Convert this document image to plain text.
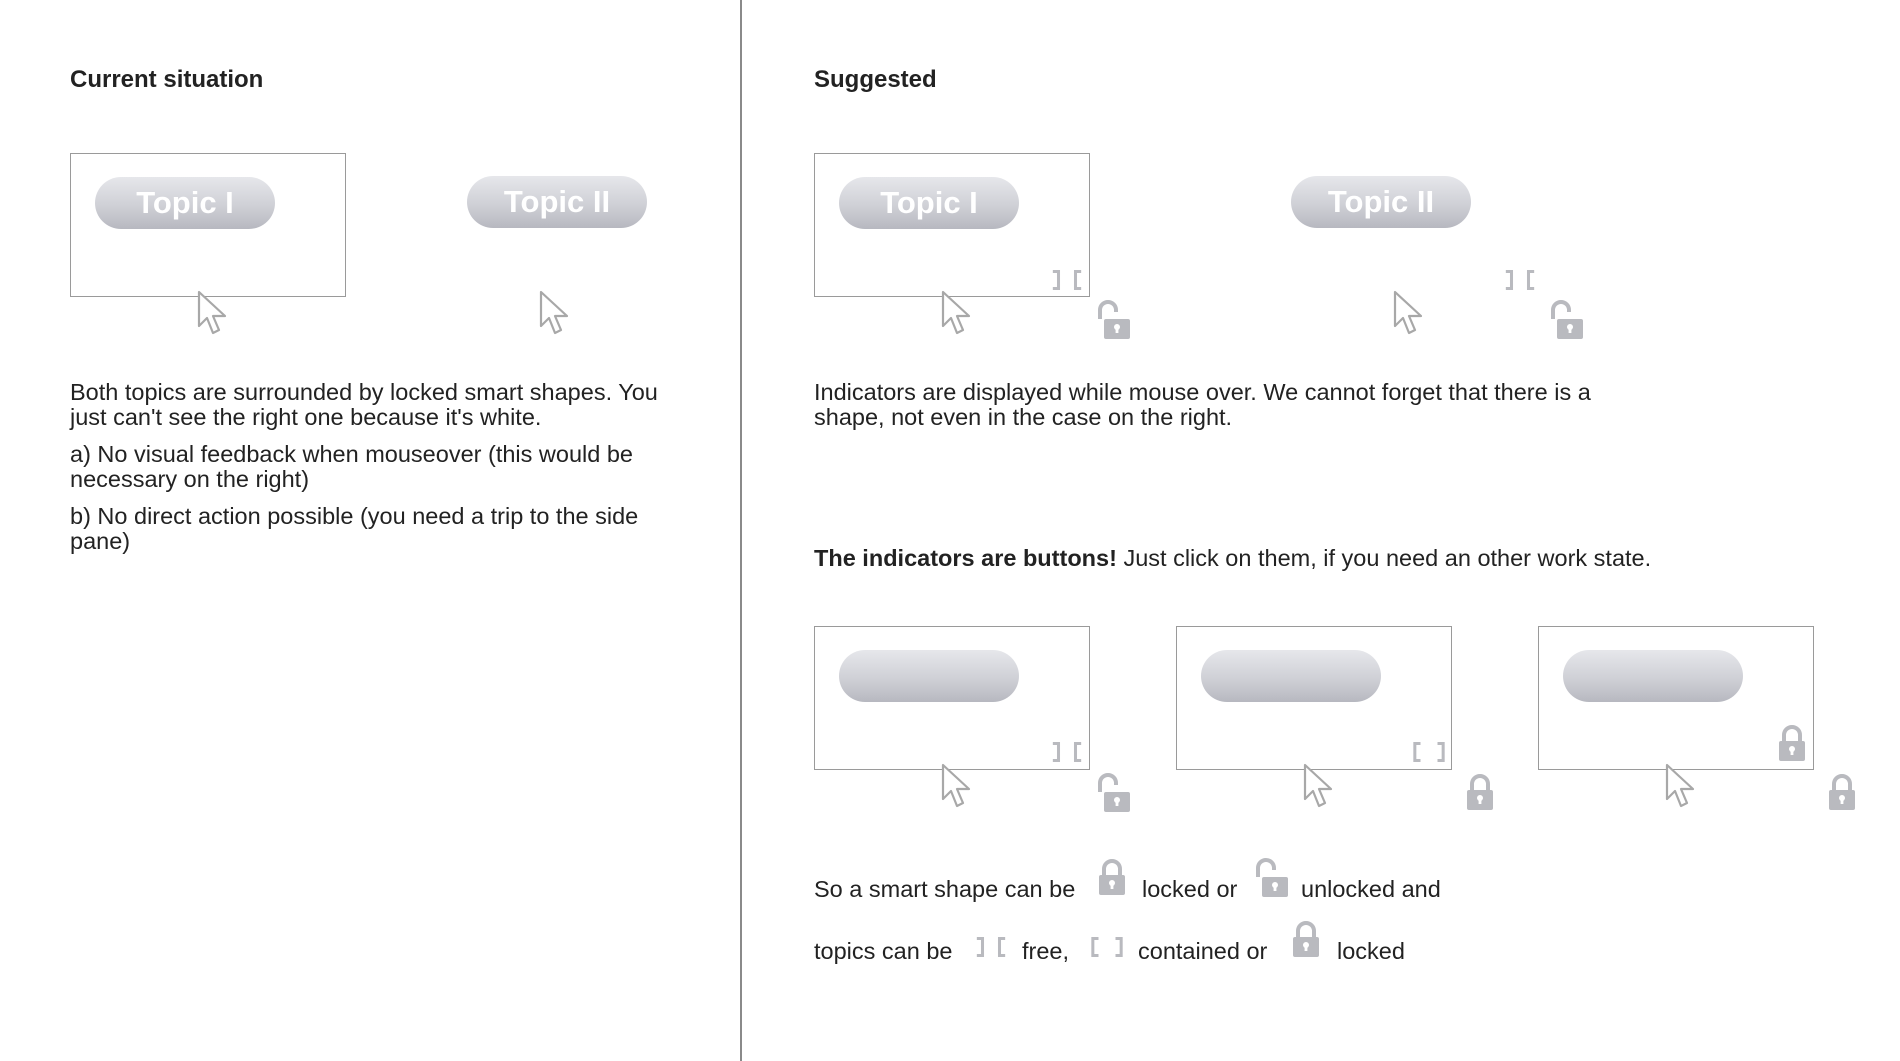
Current situation
Topic I	Topic II

Both topics are surrounded by locked smart shapes. You just can't see the right one because it's white.

a) No visual feedback when mouseover (this would be necessary on the right)

b) No direct action possible (you need a trip to the side pane)

Suggested
Topic I	Topic II
Indicators are displayed while mouse over. We cannot forget that there is a shape, not even in the case on the right.
The indicators are buttons! Just click on them, if you need an other work state.
So a smart shape can be	locked or	unlocked and
topics can be	free,	contained or	locked
